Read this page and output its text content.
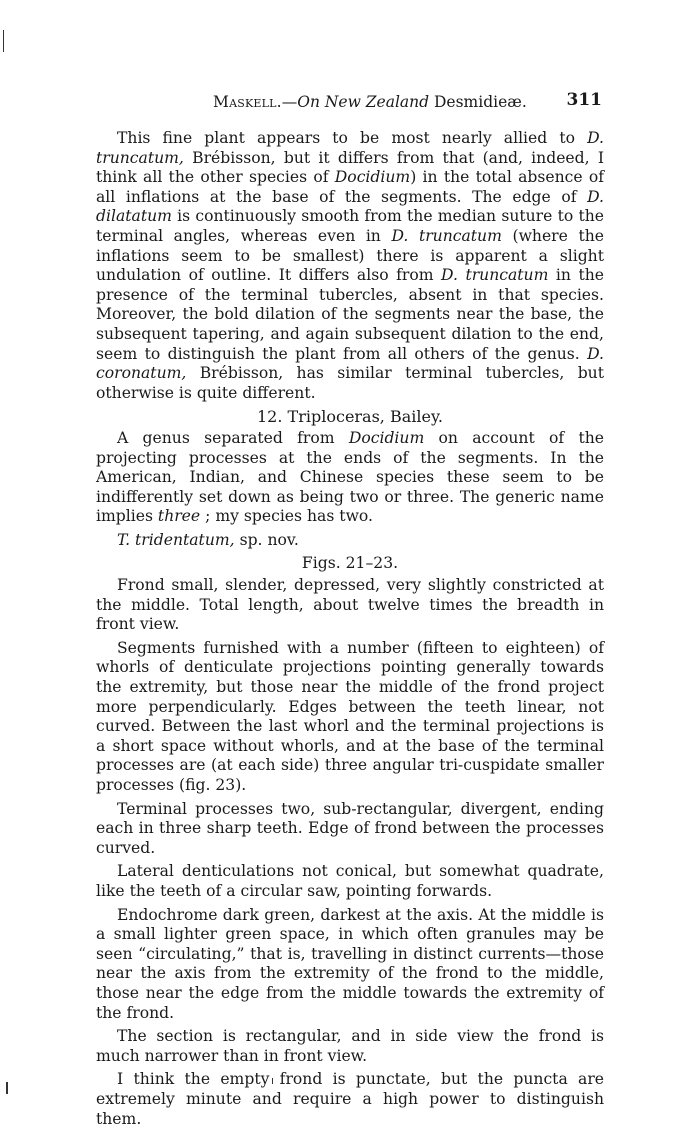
Maskell.—On New Zealand Desmidieæ. 311

This fine plant appears to be most nearly allied to D. truncatum, Brébisson, but it differs from that (and, indeed, I think all the other species of Docidium) in the total absence of all inflations at the base of the segments. The edge of D. dilatatum is continuously smooth from the median suture to the terminal angles, whereas even in D. truncatum (where the inflations seem to be smallest) there is apparent a slight undulation of outline. It differs also from D. truncatum in the presence of the terminal tubercles, absent in that species. Moreover, the bold dilation of the segments near the base, the subsequent tapering, and again subsequent dilation to the end, seem to distinguish the plant from all others of the genus. D. coronatum, Brébisson, has similar terminal tubercles, but otherwise is quite different.

12. Triploceras, Bailey.

A genus separated from Docidium on account of the projecting processes at the ends of the segments. In the American, Indian, and Chinese species these seem to be indifferently set down as being two or three. The generic name implies three ; my species has two.

T. tridentatum, sp. nov.

Figs. 21–23.

Frond small, slender, depressed, very slightly constricted at the middle. Total length, about twelve times the breadth in front view.

Segments furnished with a number (fifteen to eighteen) of whorls of denticulate projections pointing generally towards the extremity, but those near the middle of the frond project more perpendicularly. Edges between the teeth linear, not curved. Between the last whorl and the terminal projections is a short space without whorls, and at the base of the terminal processes are (at each side) three angular tri-cuspidate smaller processes (fig. 23).

Terminal processes two, sub-rectangular, divergent, ending each in three sharp teeth. Edge of frond between the processes curved.

Lateral denticulations not conical, but somewhat quadrate, like the teeth of a circular saw, pointing forwards.

Endochrome dark green, darkest at the axis. At the middle is a small lighter green space, in which often granules may be seen “circulating,” that is, travelling in distinct currents—those near the axis from the extremity of the frond to the middle, those near the edge from the middle towards the extremity of the frond.

The section is rectangular, and in side view the frond is much narrower than in front view.

I think the empty frond is punctate, but the puncta are extremely minute and require a high power to distinguish them.
